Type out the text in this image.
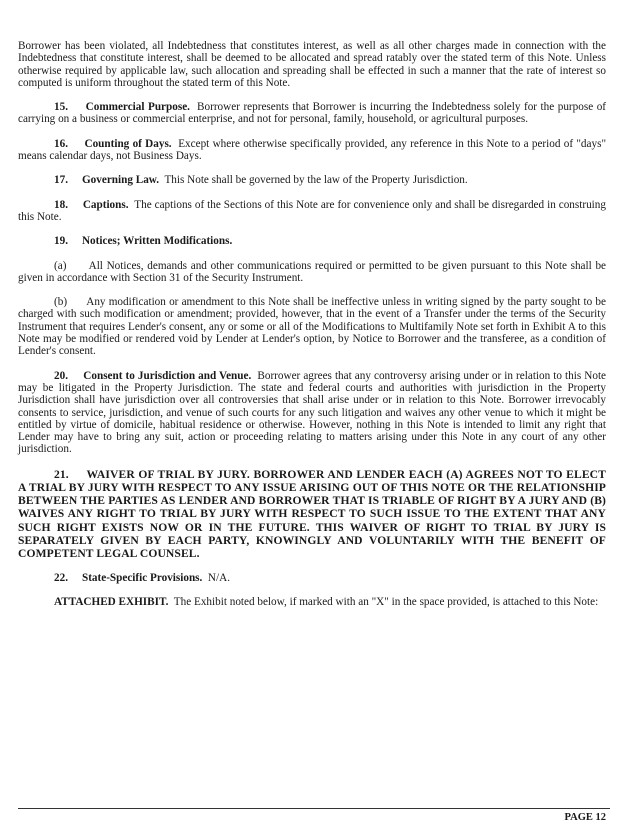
Borrower has been violated, all Indebtedness that constitutes interest, as well as all other charges made in connection with the Indebtedness that constitute interest, shall be deemed to be allocated and spread ratably over the stated term of this Note. Unless otherwise required by applicable law, such allocation and spreading shall be effected in such a manner that the rate of interest so computed is uniform throughout the stated term of this Note.

15. Commercial Purpose. Borrower represents that Borrower is incurring the Indebtedness solely for the purpose of carrying on a business or commercial enterprise, and not for personal, family, household, or agricultural purposes.

16. Counting of Days. Except where otherwise specifically provided, any reference in this Note to a period of "days" means calendar days, not Business Days.

17. Governing Law. This Note shall be governed by the law of the Property Jurisdiction.

18. Captions. The captions of the Sections of this Note are for convenience only and shall be disregarded in construing this Note.

19. Notices; Written Modifications.

(a) All Notices, demands and other communications required or permitted to be given pursuant to this Note shall be given in accordance with Section 31 of the Security Instrument.

(b) Any modification or amendment to this Note shall be ineffective unless in writing signed by the party sought to be charged with such modification or amendment; provided, however, that in the event of a Transfer under the terms of the Security Instrument that requires Lender's consent, any or some or all of the Modifications to Multifamily Note set forth in Exhibit A to this Note may be modified or rendered void by Lender at Lender's option, by Notice to Borrower and the transferee, as a condition of Lender's consent.

20. Consent to Jurisdiction and Venue. Borrower agrees that any controversy arising under or in relation to this Note may be litigated in the Property Jurisdiction. The state and federal courts and authorities with jurisdiction in the Property Jurisdiction shall have jurisdiction over all controversies that shall arise under or in relation to this Note. Borrower irrevocably consents to service, jurisdiction, and venue of such courts for any such litigation and waives any other venue to which it might be entitled by virtue of domicile, habitual residence or otherwise. However, nothing in this Note is intended to limit any right that Lender may have to bring any suit, action or proceeding relating to matters arising under this Note in any court of any other jurisdiction.

21. WAIVER OF TRIAL BY JURY. BORROWER AND LENDER EACH (A) AGREES NOT TO ELECT A TRIAL BY JURY WITH RESPECT TO ANY ISSUE ARISING OUT OF THIS NOTE OR THE RELATIONSHIP BETWEEN THE PARTIES AS LENDER AND BORROWER THAT IS TRIABLE OF RIGHT BY A JURY AND (B) WAIVES ANY RIGHT TO TRIAL BY JURY WITH RESPECT TO SUCH ISSUE TO THE EXTENT THAT ANY SUCH RIGHT EXISTS NOW OR IN THE FUTURE. THIS WAIVER OF RIGHT TO TRIAL BY JURY IS SEPARATELY GIVEN BY EACH PARTY, KNOWINGLY AND VOLUNTARILY WITH THE BENEFIT OF COMPETENT LEGAL COUNSEL.

22. State-Specific Provisions. N/A.

ATTACHED EXHIBIT. The Exhibit noted below, if marked with an "X" in the space provided, is attached to this Note:

PAGE 12
